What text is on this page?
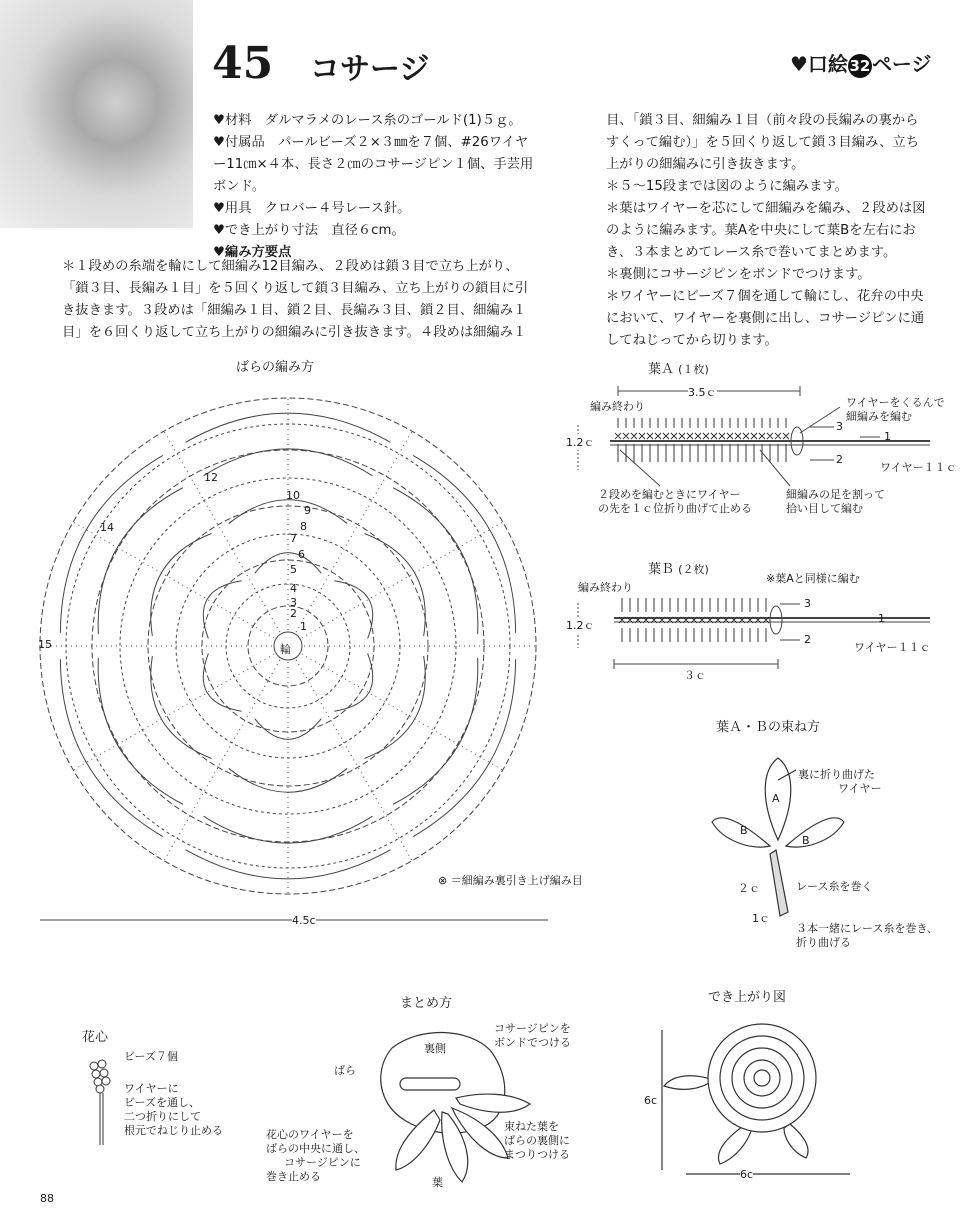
45 コサージ	♥口絵 32ページ
♥材料　ダルマラメのレース糸のゴールド(1)５ｇ。
♥付属品　パールビーズ２×３㎜を７個、#26ワイヤ
ー11㎝×４本、長さ２㎝のコサージピン１個、手芸用
ボンド。
♥用具　クロバー４号レース針。
♥でき上がり寸法　直径６cm。
♥編み方要点
＊１段めの糸端を輪にして細編み12目編み、２段めは鎖３目で立ち上がり、
「鎖３目、長編み１目」を５回くり返して鎖３目編み、立ち上がりの鎖目に引
き抜きます。３段めは「細編み１目、鎖２目、長編み３目、鎖２目、細編み１
目」を６回くり返して立ち上がりの細編みに引き抜きます。４段めは細編み１
目、「鎖３目、細編み１目（前々段の長編みの裏から
すくって編む）」を５回くり返して鎖３目編み、立ち
上がりの細編みに引き抜きます。
＊５〜15段までは図のように編みます。
＊葉はワイヤーを芯にして細編みを編み、２段めは図
のように編みます。葉Aを中央にして葉Bを左右にお
き、３本まとめてレース糸で巻いてまとめます。
＊裏側にコサージピンをボンドでつけます。
＊ワイヤーにビーズ７個を通して輪にし、花弁の中央
において、ワイヤーを裏側に出し、コサージピンに通
してねじってから切ります。
ばらの編み方
輪
4.5c
⊗ ＝細編み裏引き上げ編み目
1
2
3
4
5
6
7
8
9
10
12
14
15
葉Ａ (１枚)
3.5ｃ
編み終わり
1.2ｃ
ワイヤーをくるんで
細編みを編む
3
1
2
ワイヤー１１ｃ
２段めを編むときにワイヤー
の先を１ｃ位折り曲げて止める
細編みの足を割って
拾い目して編む
葉Ｂ (２枚)
※葉Aと同様に編む
編み終わり
1.2ｃ
3
1
2
ワイヤー１１ｃ
３ｃ
葉Ａ・Ｂの束ね方
A
B
B
裏に折り曲げた
ワイヤー
２ｃ	レース糸を巻く
1ｃ
３本一緒にレース糸を巻き、
折り曲げる
花心
ビーズ７個
ワイヤーに
ビーズを通し、
二つ折りにして
根元でねじり止める
まとめ方
裏側
ばら
コサージピンを
ボンドでつける
束ねた葉を
ばらの裏側に
まつりつける
花心のワイヤーを
ばらの中央に通し、
コサージピンに
巻き止める	葉
でき上がり図
6c
6c
88
